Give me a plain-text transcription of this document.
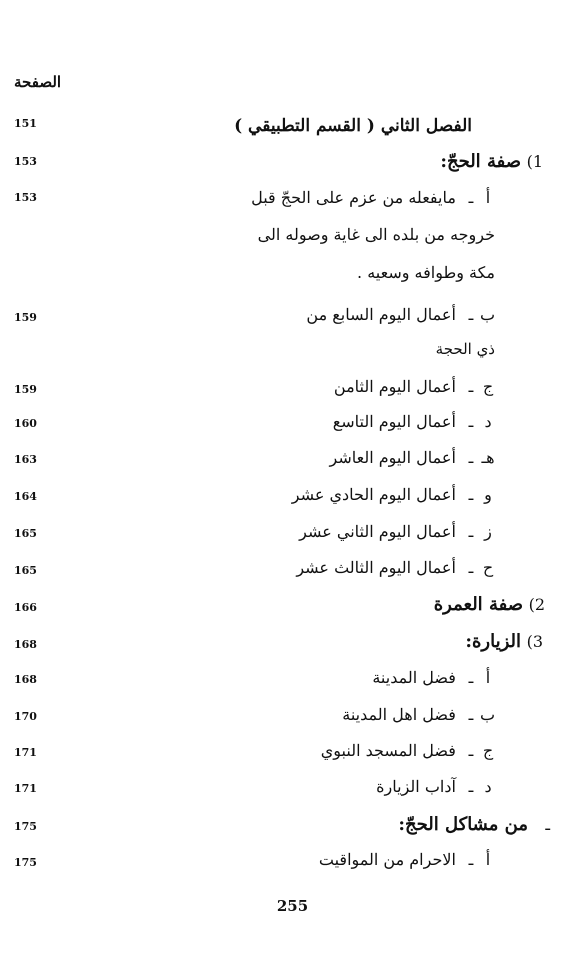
الصفحة
151
153
153
159
159
160
163
164
165
165
166
168
168
170
171
171
175
175
الفصل الثاني ( القسم التطبيقي )
1)صفة الحجّ:
أـ مايفعله من عزم على الحجّ قبل
خروجه من بلده الى غاية وصوله الى
مكة وطوافه وسعيه .
بـ أعمال اليوم السابع من
ذي الحجة
جـ أعمال اليوم الثامن
دـ أعمال اليوم التاسع
هــ أعمال اليوم العاشر
وـ أعمال اليوم الحادي عشر
زـ أعمال اليوم الثاني عشر
حـ أعمال اليوم الثالث عشر
2)صفة العمرة
3)الزيارة:
أـ فضل المدينة
بـ فضل اهل المدينة
جـ فضل المسجد النبوي
دـ آداب الزيارة
ـمن مشاكل الحجّ:
أـ الاحرام من المواقيت
255
